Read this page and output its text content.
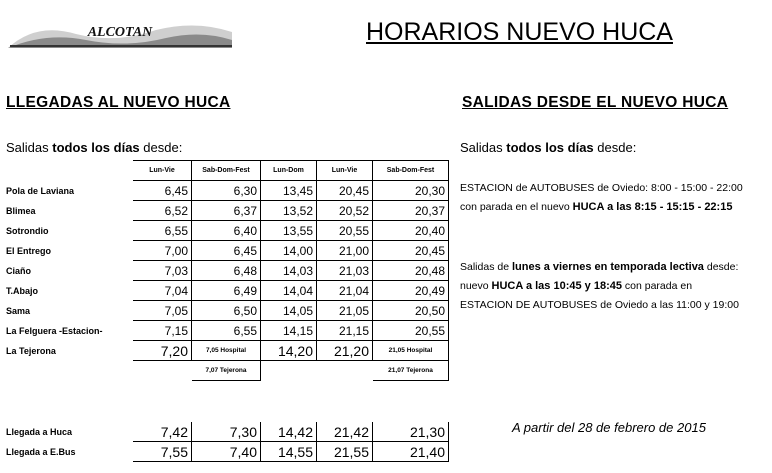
ALCOTAN	HORARIOS NUEVO HUCA
LLEGADAS AL NUEVO HUCA	SALIDAS DESDE EL NUEVO HUCA
Salidas todos los días desde:
	Lun-Vie	Sab-Dom-Fest	Lun-Dom	Lun-Vie	Sab-Dom-Fest
Pola de Laviana	6,45	6,30	13,45	20,45	20,30
Blimea	6,52	6,37	13,52	20,52	20,37
Sotrondio	6,55	6,40	13,55	20,55	20,40
El Entrego	7,00	6,45	14,00	21,00	20,45
Ciaño	7,03	6,48	14,03	21,03	20,48
T.Abajo	7,04	6,49	14,04	21,04	20,49
Sama	7,05	6,50	14,05	21,05	20,50
La Felguera -Estacion-	7,15	6,55	14,15	21,15	20,55
La Tejerona	7,20	7,05 Hospital	14,20	21,20	21,05 Hospital
		7,07 Tejerona			21,07 Tejerona

Llegada a Huca	7,42	7,30	14,42	21,42	21,30
Llegada a E.Bus	7,55	7,40	14,55	21,55	21,40
Salidas todos los días desde:
ESTACION de AUTOBUSES de Oviedo: 8:00 - 15:00 - 22:00
con parada en el nuevo HUCA a las 8:15 - 15:15 - 22:15
Salidas de lunes a viernes en temporada lectiva desde:
nuevo HUCA a las 10:45 y 18:45 con parada en
ESTACION DE AUTOBUSES de Oviedo a las 11:00 y 19:00
A partir del 28 de febrero de 2015
